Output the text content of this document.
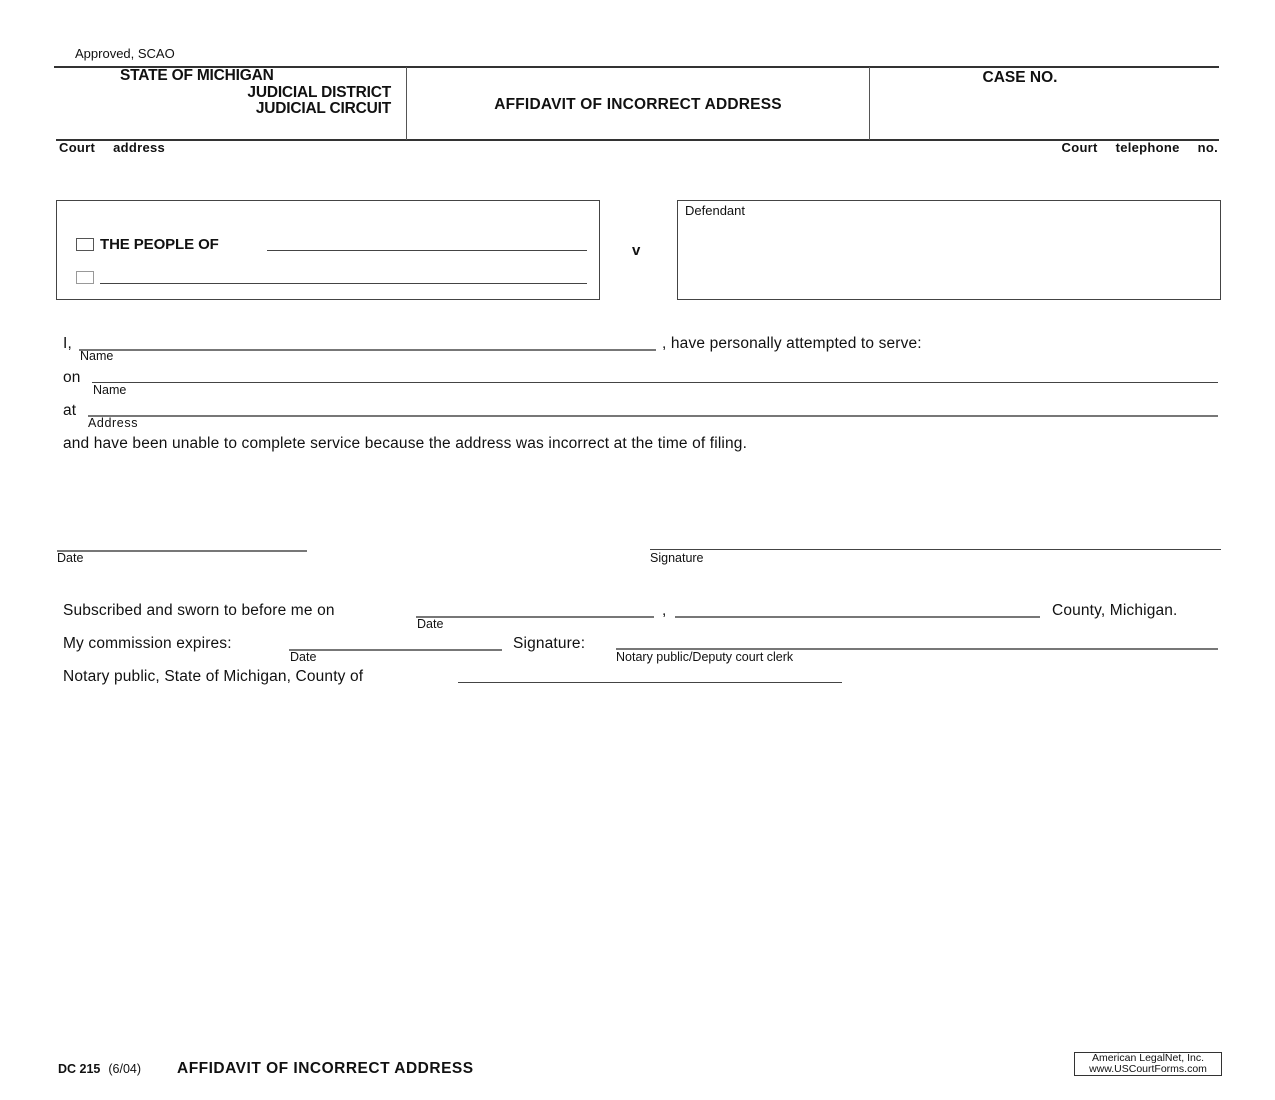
Approved, SCAO
STATE OF MICHIGAN
JUDICIAL DISTRICT
JUDICIAL CIRCUIT	AFFIDAVIT OF INCORRECT ADDRESS
CASE NO.
Court address	Court telephone no.
THE PEOPLE OF	v
Defendant
I,
Name
, have personally attempted to serve:
on
Name
at
Address
and have been unable to complete service because the address was incorrect at the time of filing.
Date	Signature
Subscribed and sworn to before me on
Date
,	County, Michigan.
My commission expires:
Date
Signature:
Notary public/Deputy court clerk
Notary public, State of Michigan, County of
DC 215 (6/04) AFFIDAVIT OF INCORRECT ADDRESS
American LegalNet, Inc.
www.USCourtForms.com
